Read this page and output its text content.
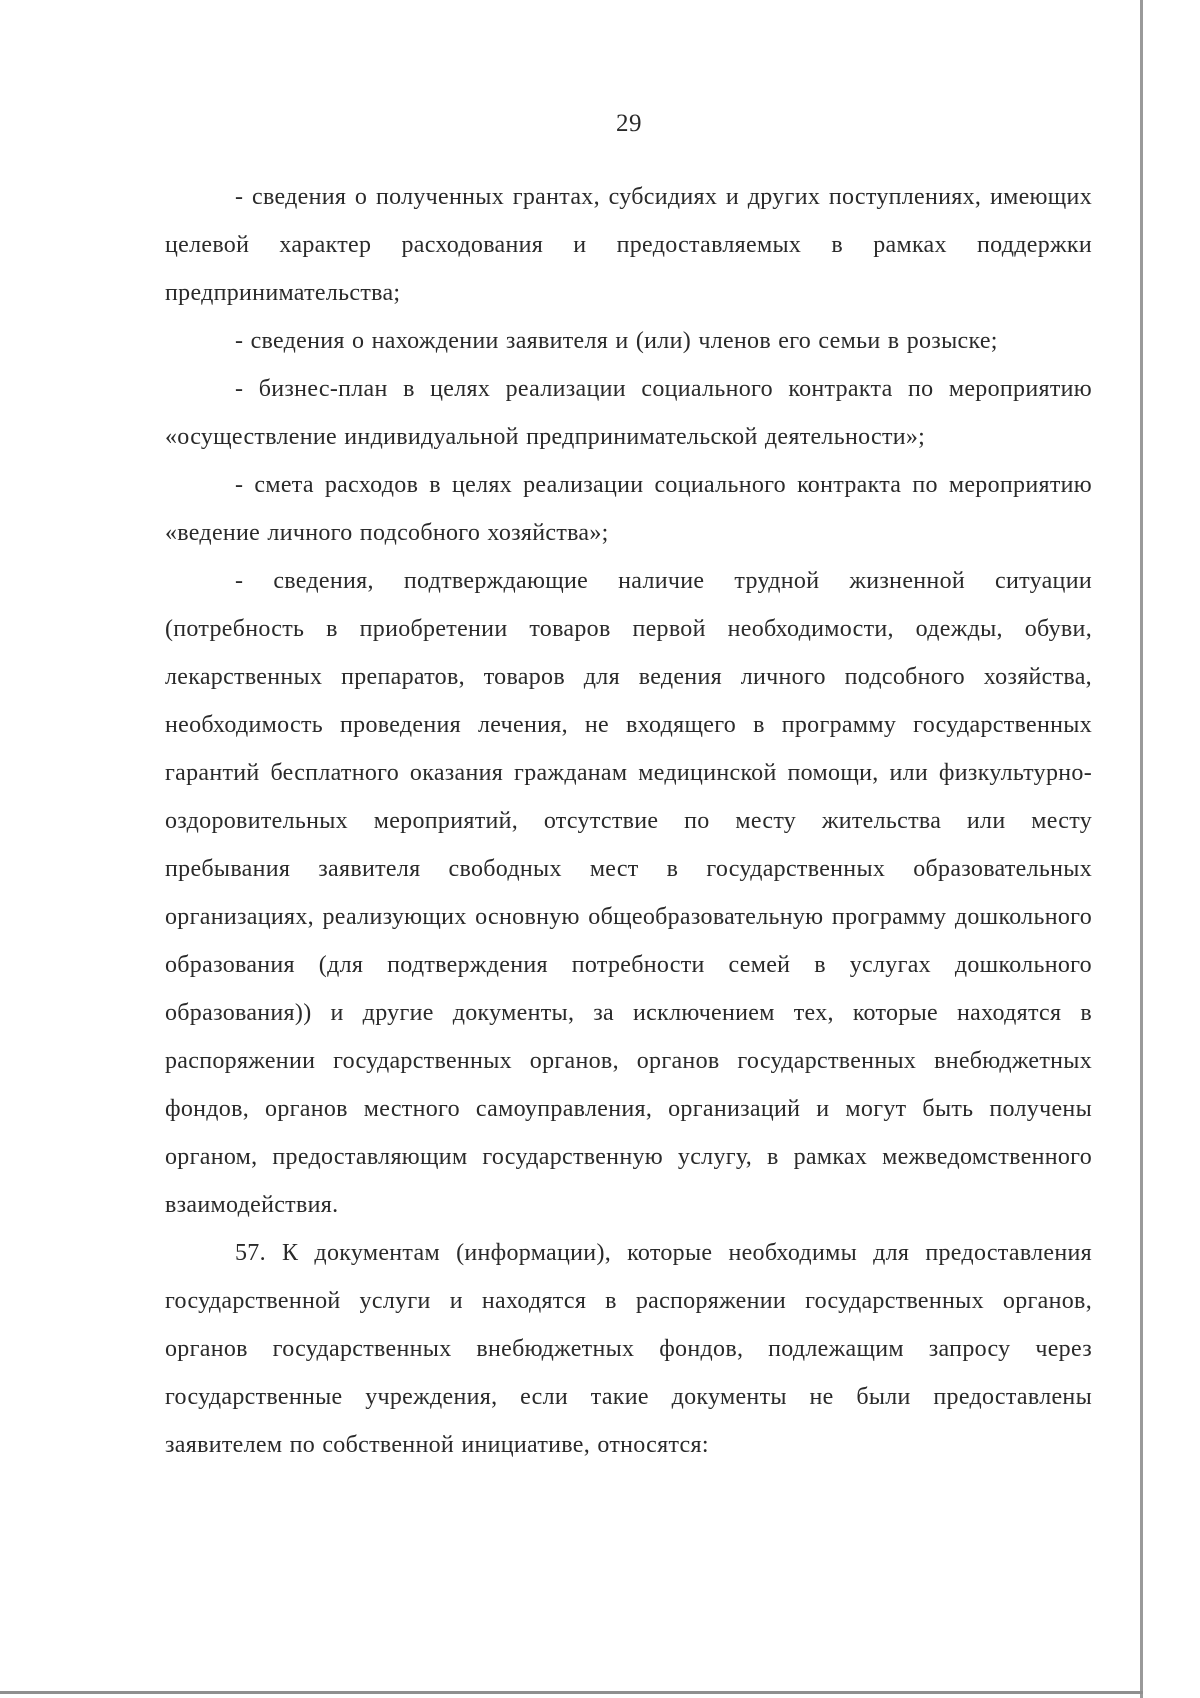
29

- сведения о полученных грантах, субсидиях и других поступлениях, имеющих целевой характер расходования и предоставляемых в рамках поддержки предпринимательства;

- сведения о нахождении заявителя и (или) членов его семьи в розыске;

- бизнес-план в целях реализации социального контракта по мероприятию «осуществление индивидуальной предпринимательской деятельности»;

- смета расходов в целях реализации социального контракта по мероприятию «ведение личного подсобного хозяйства»;

- сведения, подтверждающие наличие трудной жизненной ситуации (потребность в приобретении товаров первой необходимости, одежды, обуви, лекарственных препаратов, товаров для ведения личного подсобного хозяйства, необходимость проведения лечения, не входящего в программу государственных гарантий бесплатного оказания гражданам медицинской помощи, или физкультурно-оздоровительных мероприятий, отсутствие по месту жительства или месту пребывания заявителя свободных мест в государственных образовательных организациях, реализующих основную общеобразовательную программу дошкольного образования (для подтверждения потребности семей в услугах дошкольного образования)) и другие документы, за исключением тех, которые находятся в распоряжении государственных органов, органов государственных внебюджетных фондов, органов местного самоуправления, организаций и могут быть получены органом, предоставляющим государственную услугу, в рамках межведомственного взаимодействия.

57. К документам (информации), которые необходимы для предоставления государственной услуги и находятся в распоряжении государственных органов, органов государственных внебюджетных фондов, подлежащим запросу через государственные учреждения, если такие документы не были предоставлены заявителем по собственной инициативе, относятся:
